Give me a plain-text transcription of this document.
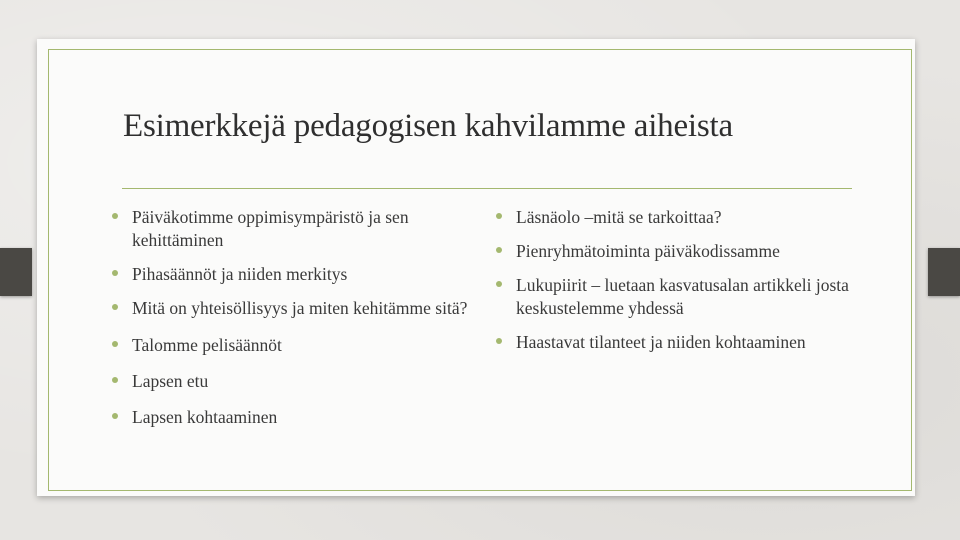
Esimerkkejä pedagogisen kahvilamme aiheista
Päiväkotimme oppimisympäristö ja sen kehittäminen
Pihasäännöt ja niiden merkitys
Mitä on yhteisöllisyys ja miten kehitämme sitä?
Talomme pelisäännöt
Lapsen etu
Lapsen kohtaaminen
Läsnäolo –mitä se tarkoittaa?
Pienryhmätoiminta päiväkodissamme
Lukupiirit – luetaan kasvatusalan artikkeli josta keskustelemme yhdessä
Haastavat tilanteet ja niiden kohtaaminen
